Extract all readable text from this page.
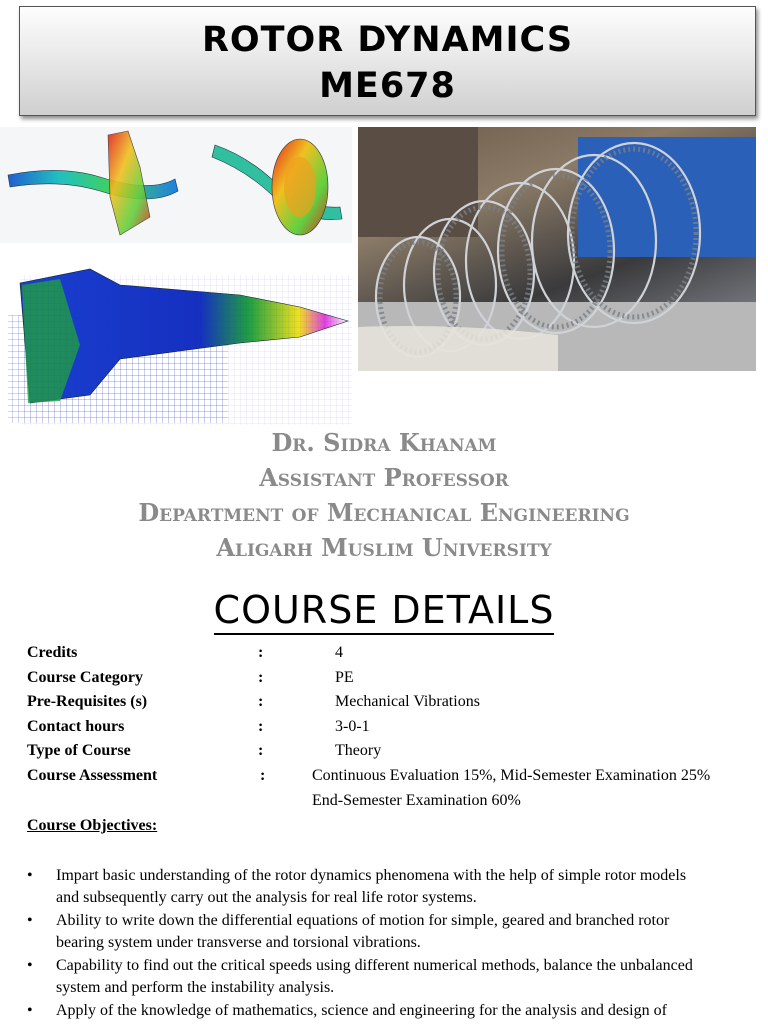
ROTOR DYNAMICS
ME678
Dr. Sidra Khanam
Assistant Professor
Department of Mechanical Engineering
Aligarh Muslim University
COURSE DETAILS
Credits	:	4
Course Category	:	PE
Pre-Requisites (s)	:	Mechanical Vibrations
Contact hours	:	3-0-1
Type of Course	:	Theory
Course Assessment	:	Continuous Evaluation 15%, Mid-Semester Examination 25%
End-Semester Examination 60%
Course Objectives:
• Impart basic understanding of the rotor dynamics phenomena with the help of simple rotor models
and subsequently carry out the analysis for real life rotor systems.
• Ability to write down the differential equations of motion for simple, geared and branched rotor
bearing system under transverse and torsional vibrations.
• Capability to find out the critical speeds using different numerical methods, balance the unbalanced
system and perform the instability analysis.
• Apply of the knowledge of mathematics, science and engineering for the analysis and design of
